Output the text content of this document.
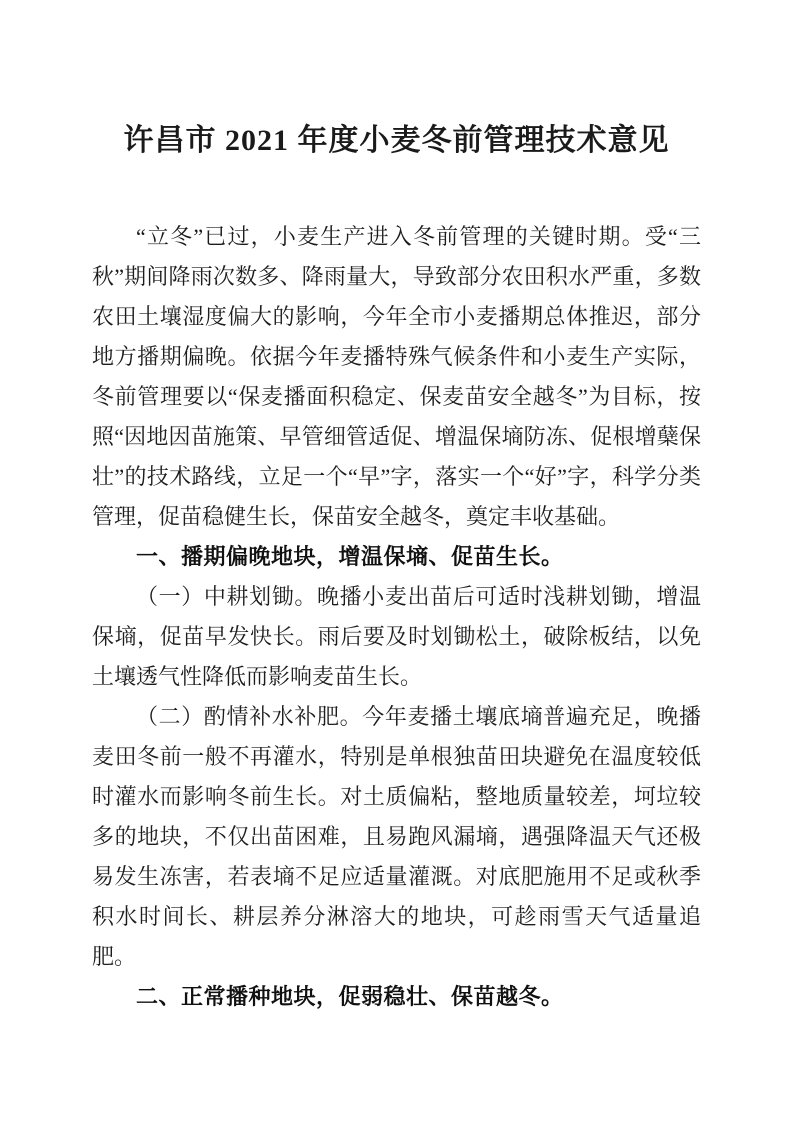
许昌市 2021 年度小麦冬前管理技术意见

“立冬”已过，小麦生产进入冬前管理的关键时期。受“三秋”期间降雨次数多、降雨量大，导致部分农田积水严重，多数农田土壤湿度偏大的影响，今年全市小麦播期总体推迟，部分地方播期偏晚。依据今年麦播特殊气候条件和小麦生产实际，冬前管理要以“保麦播面积稳定、保麦苗安全越冬”为目标，按照“因地因苗施策、早管细管适促、增温保墒防冻、促根增蘖保壮”的技术路线，立足一个“早”字，落实一个“好”字，科学分类管理，促苗稳健生长，保苗安全越冬，奠定丰收基础。

一、播期偏晚地块，增温保墒、促苗生长。

（一）中耕划锄。晚播小麦出苗后可适时浅耕划锄，增温保墒，促苗早发快长。雨后要及时划锄松土，破除板结，以免土壤透气性降低而影响麦苗生长。

（二）酌情补水补肥。今年麦播土壤底墒普遍充足，晚播麦田冬前一般不再灌水，特别是单根独苗田块避免在温度较低时灌水而影响冬前生长。对土质偏粘，整地质量较差，坷垃较多的地块，不仅出苗困难，且易跑风漏墒，遇强降温天气还极易发生冻害，若表墒不足应适量灌溉。对底肥施用不足或秋季积水时间长、耕层养分淋溶大的地块，可趁雨雪天气适量追肥。

二、正常播种地块，促弱稳壮、保苗越冬。
